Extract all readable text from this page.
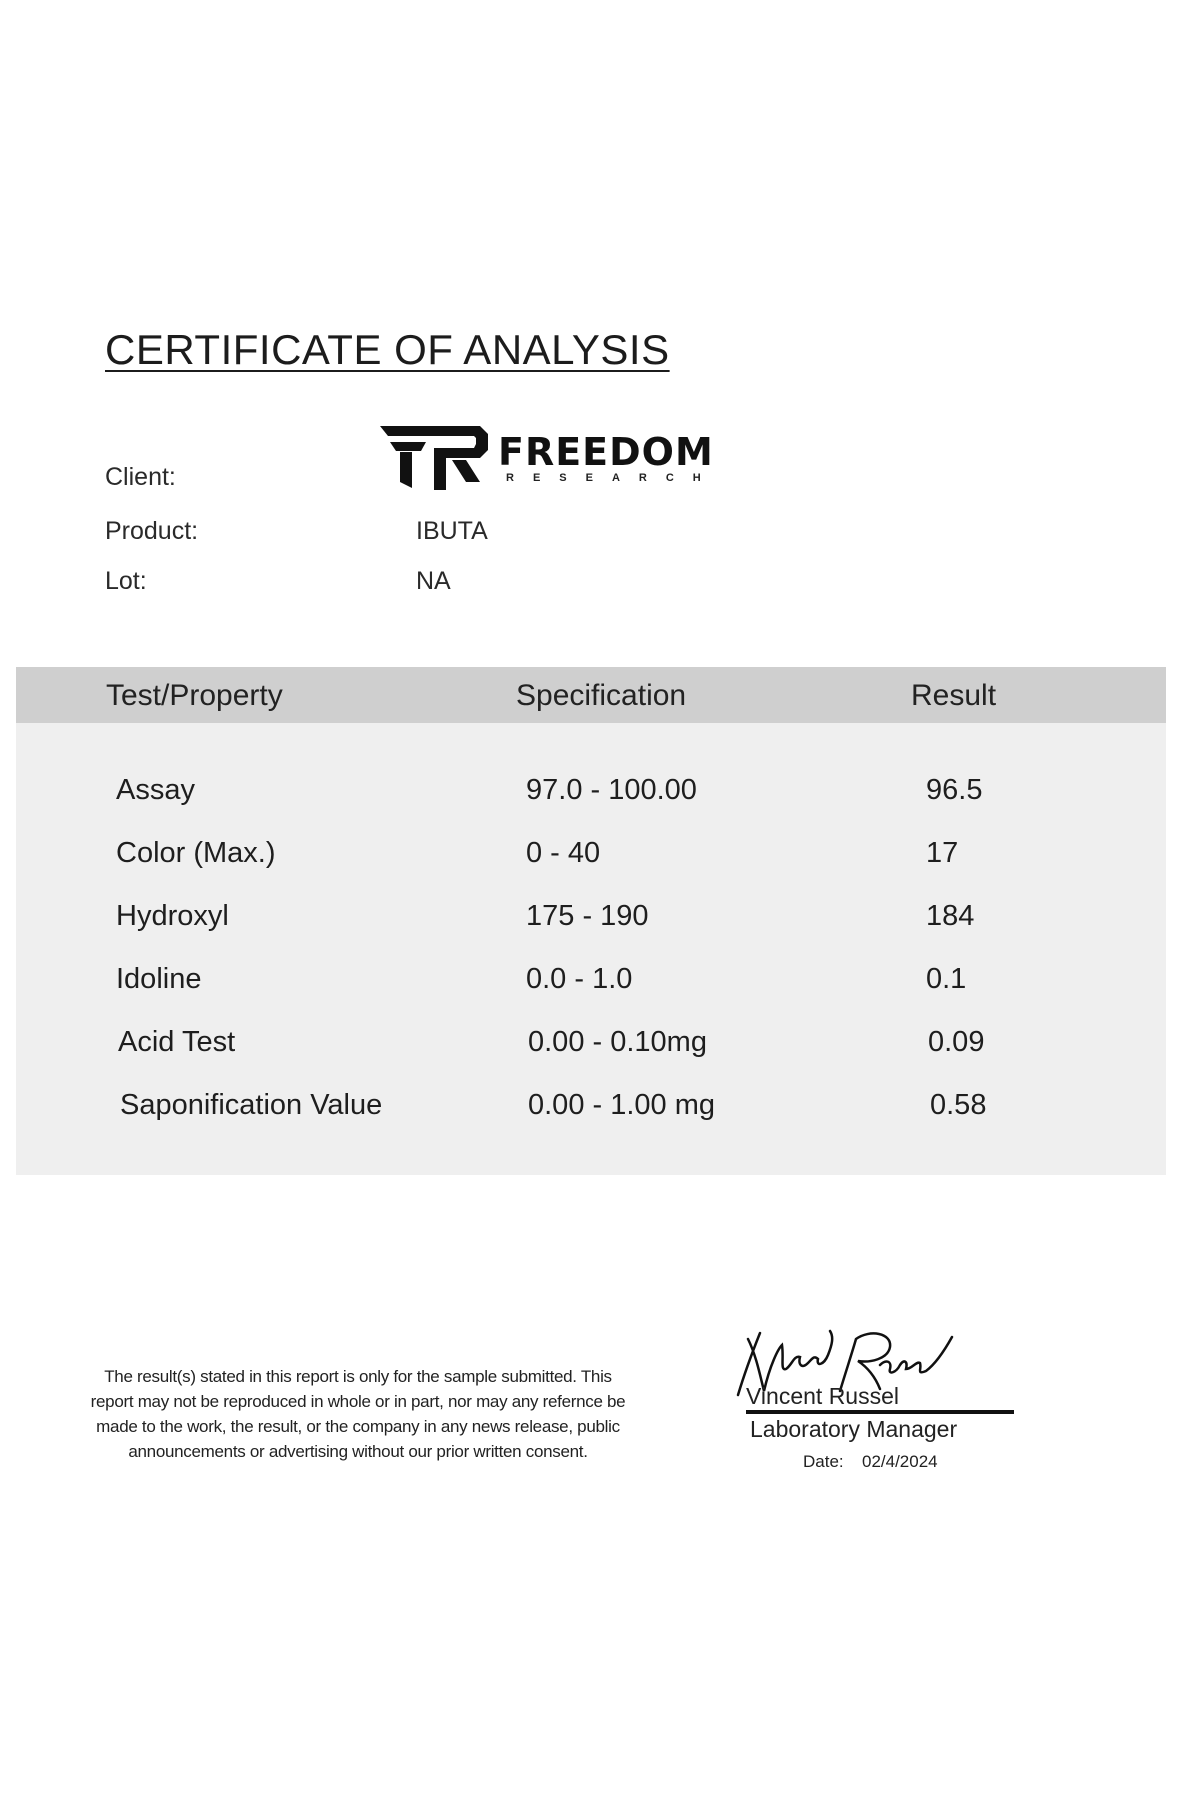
CERTIFICATE OF ANALYSIS
FREEDOM
RESEARCH
Client:
Product:	IBUTA
Lot:	NA
Test/Property	Specification	Result
Assay	97.0 - 100.00	96.5
Color (Max.)	0 - 40	17
Hydroxyl	175 - 190	184
Idoline	0.0 - 1.0	0.1
Acid Test	0.00 - 0.10mg	0.09
Saponification Value	0.00 - 1.00 mg	0.58
The result(s) stated in this report is only for the sample submitted. This report may not be reproduced in whole or in part, nor may any refernce be made to the work, the result, or the company in any news release, public announcements or advertising without our prior written consent.
Vincent Russel
Laboratory Manager
Date: 02/4/2024
